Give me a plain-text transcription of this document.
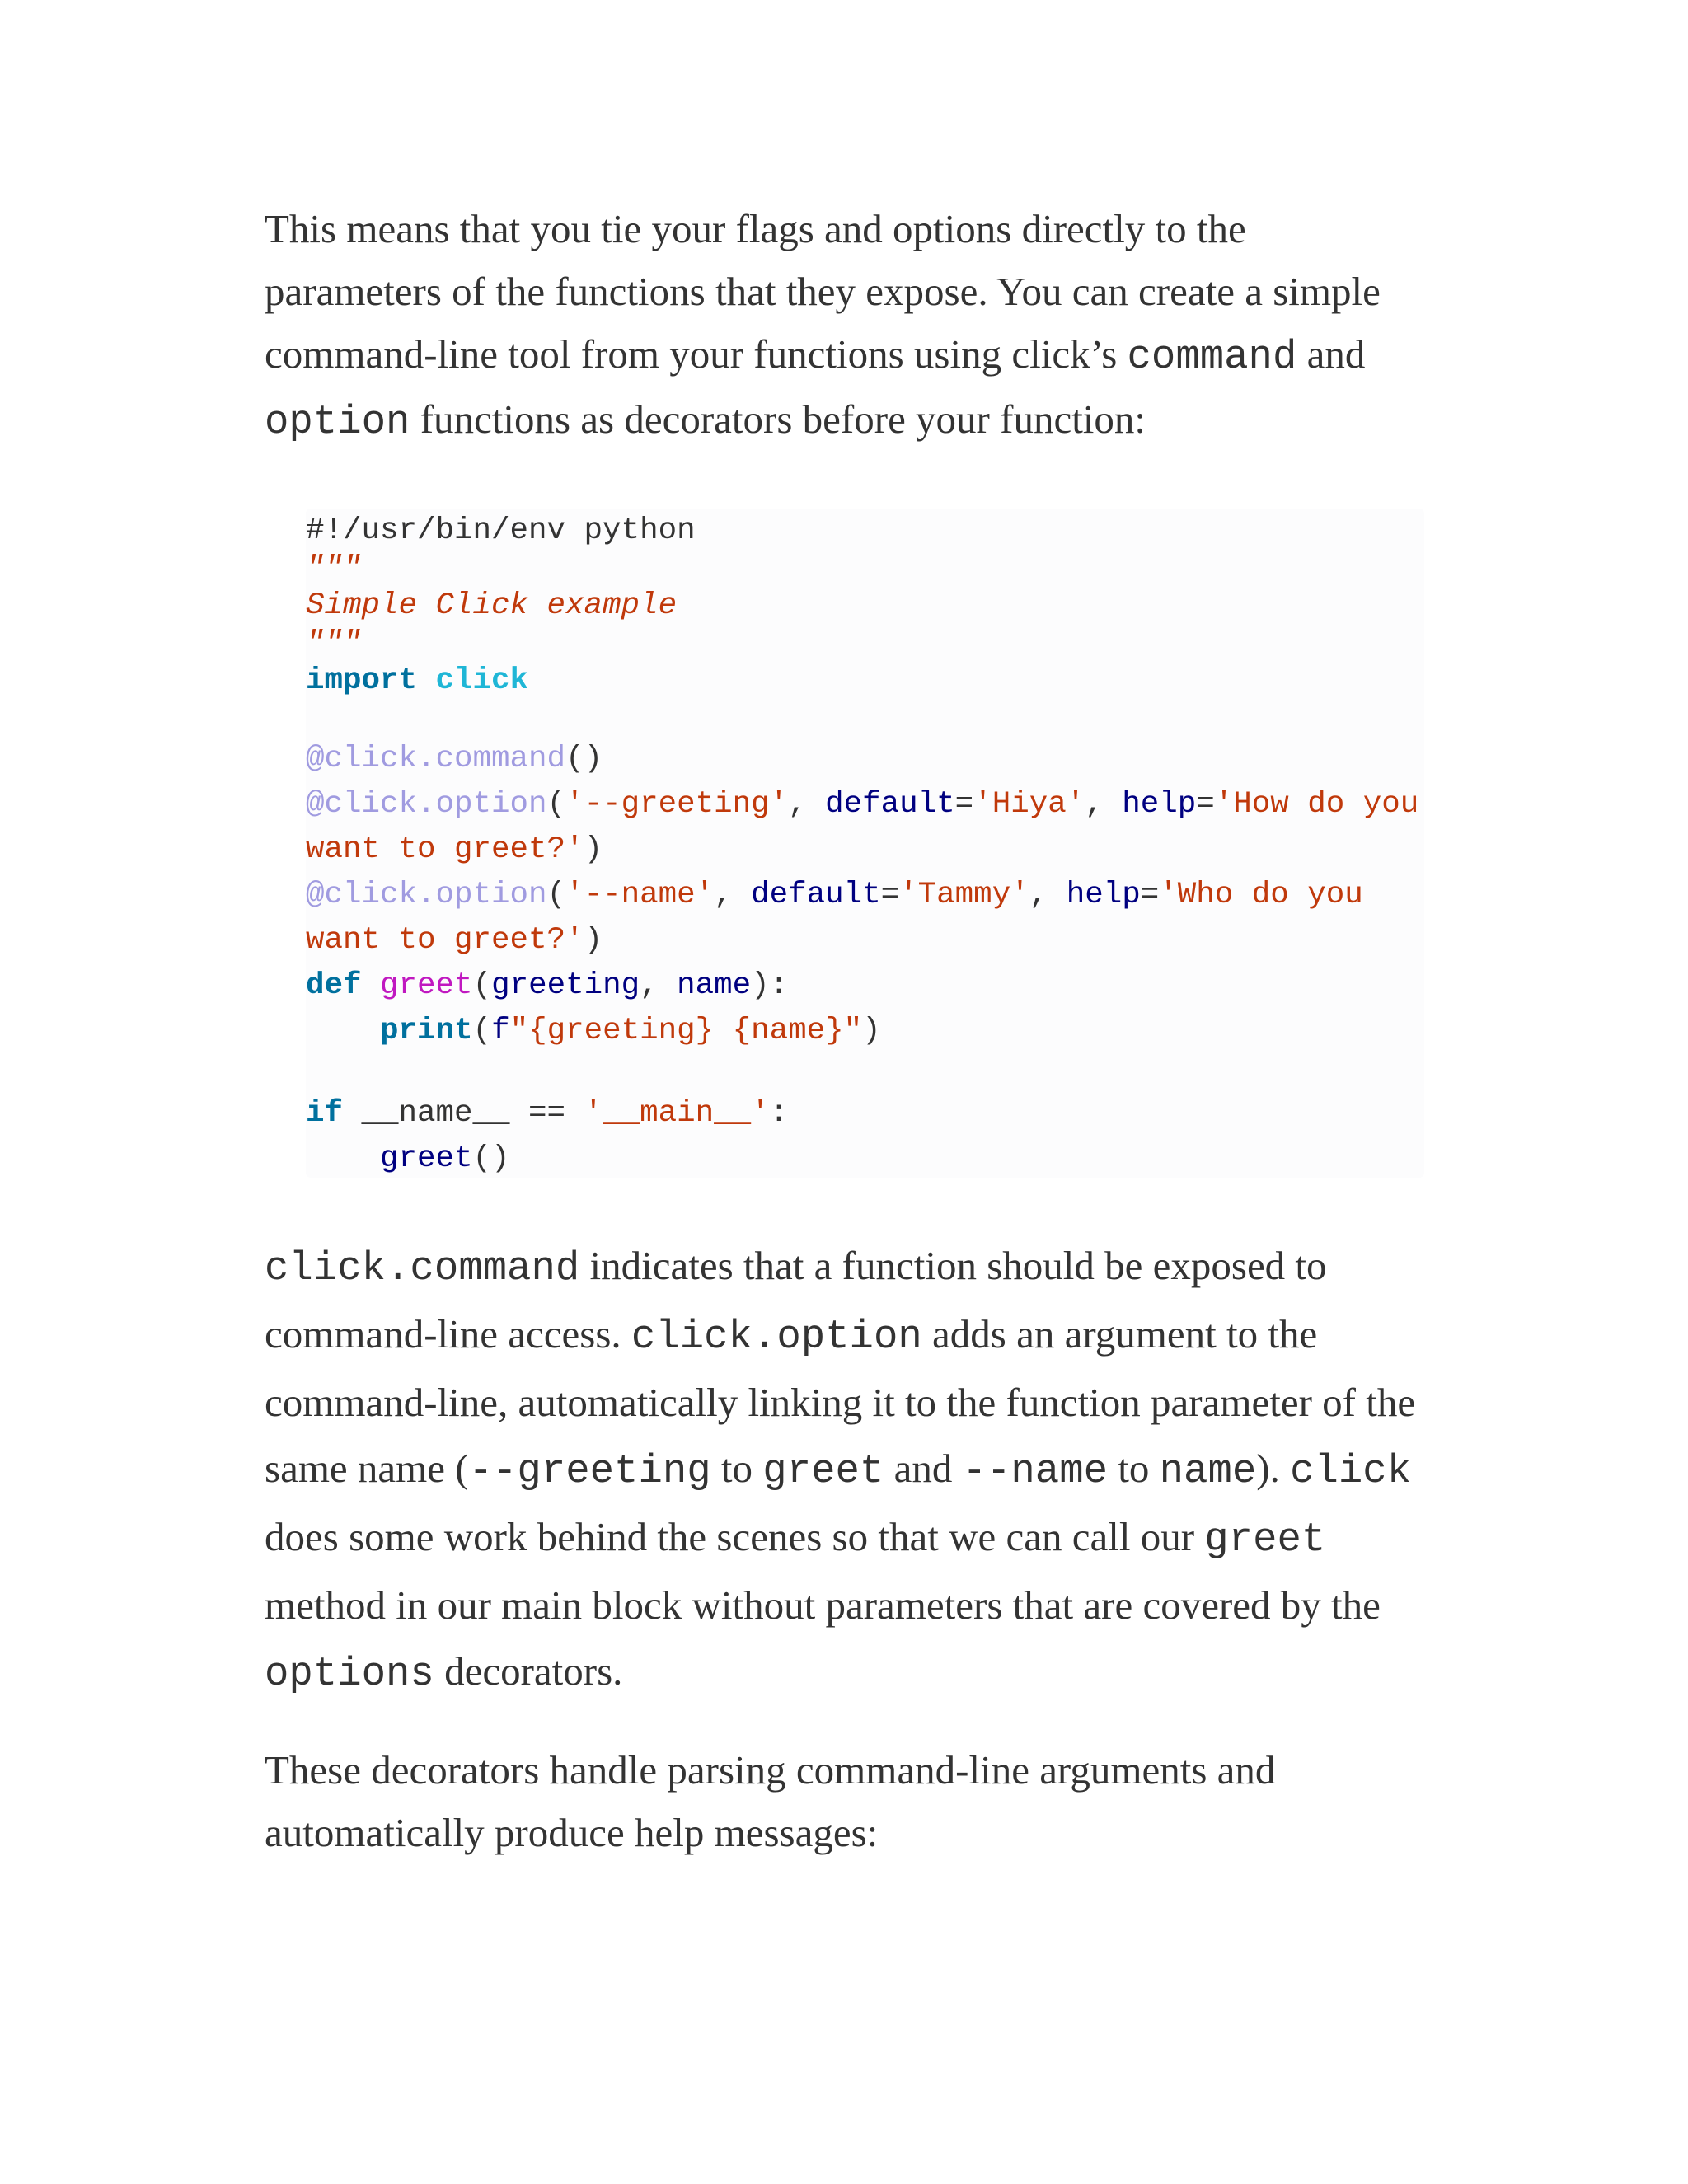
This means that you tie your flags and options directly to the parameters of the functions that they expose. You can create a simple command-line tool from your functions using click’s command and option functions as decorators before your function:

#!/usr/bin/env python
"""
Simple Click example
"""
import click
@click.command()
@click.option('--greeting', default='Hiya', help='How do you
want to greet?')
@click.option('--name', default='Tammy', help='Who do you
want to greet?')
def greet(greeting, name):
print(f"{greeting} {name}")
if __name__ == '__main__':
greet()

click.command indicates that a function should be exposed to command-line access. click.option adds an argument to the command-line, automatically linking it to the function parameter of the same name (--greeting to greet and --name to name). click does some work behind the scenes so that we can call our greet method in our main block without parameters that are covered by the options decorators.

These decorators handle parsing command-line arguments and automatically produce help messages:
